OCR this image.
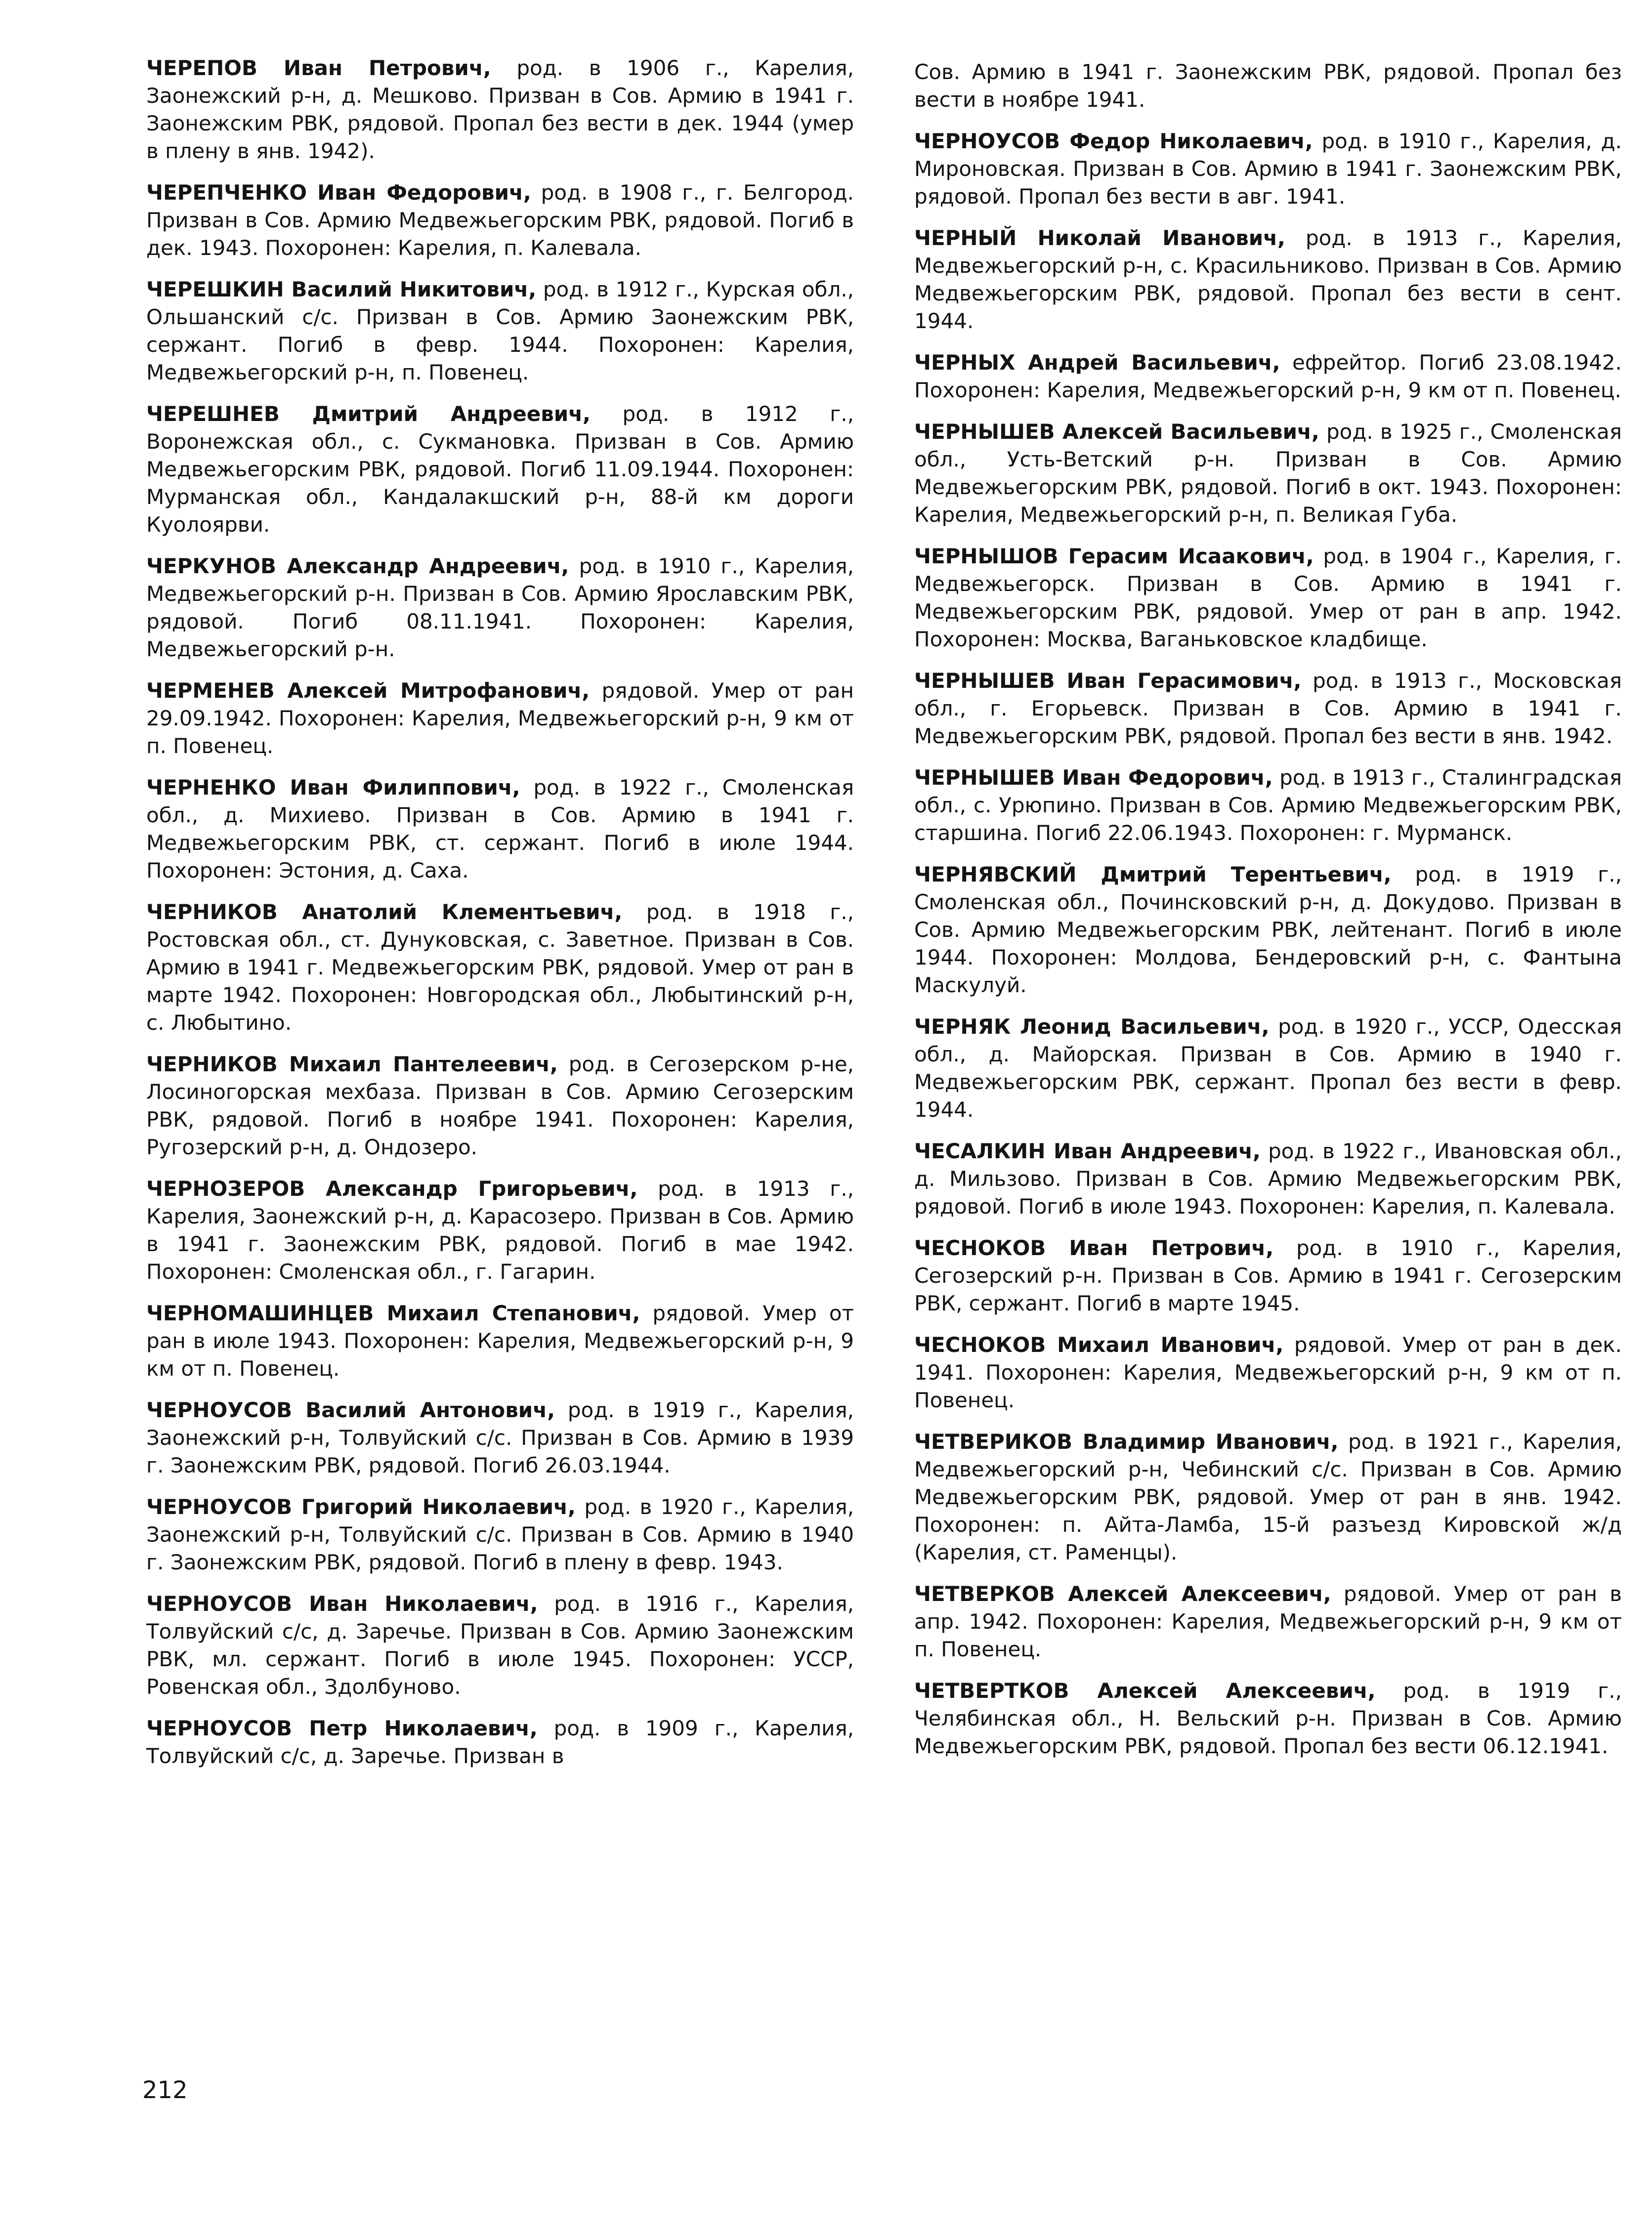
ЧЕРЕПОВ Иван Петрович, род. в 1906 г., Карелия, Заонежский р-н, д. Мешково. Призван в Сов. Армию в 1941 г. Заонежским РВК, рядовой. Пропал без вести в дек. 1944 (умер в плену в янв. 1942).

ЧЕРЕПЧЕНКО Иван Федорович, род. в 1908 г., г. Белгород. Призван в Сов. Армию Медвежьегорским РВК, рядовой. Погиб в дек. 1943. Похоронен: Карелия, п. Калевала.

ЧЕРЕШКИН Василий Никитович, род. в 1912 г., Курская обл., Ольшанский с/с. Призван в Сов. Армию Заонежским РВК, сержант. Погиб в февр. 1944. Похоронен: Карелия, Медвежьегорский р-н, п. Повенец.

ЧЕРЕШНЕВ Дмитрий Андреевич, род. в 1912 г., Воронежская обл., с. Сукмановка. Призван в Сов. Армию Медвежьегорским РВК, рядовой. Погиб 11.09.1944. Похоронен: Мурманская обл., Кандалакшский р-н, 88-й км дороги Куолоярви.

ЧЕРКУНОВ Александр Андреевич, род. в 1910 г., Карелия, Медвежьегорский р-н. Призван в Сов. Армию Ярославским РВК, рядовой. Погиб 08.11.1941. Похоронен: Карелия, Медвежьегорский р-н.

ЧЕРМЕНЕВ Алексей Митрофанович, рядовой. Умер от ран 29.09.1942. Похоронен: Карелия, Медвежьегорский р-н, 9 км от п. Повенец.

ЧЕРНЕНКО Иван Филиппович, род. в 1922 г., Смоленская обл., д. Михиево. Призван в Сов. Армию в 1941 г. Медвежьегорским РВК, ст. сержант. Погиб в июле 1944. Похоронен: Эстония, д. Саха.

ЧЕРНИКОВ Анатолий Клементьевич, род. в 1918 г., Ростовская обл., ст. Дунуковская, с. Заветное. Призван в Сов. Армию в 1941 г. Медвежьегорским РВК, рядовой. Умер от ран в марте 1942. Похоронен: Новгородская обл., Любытинский р-н, с. Любытино.

ЧЕРНИКОВ Михаил Пантелеевич, род. в Сегозерском р-не, Лосиногорская мехбаза. Призван в Сов. Армию Сегозерским РВК, рядовой. Погиб в ноябре 1941. Похоронен: Карелия, Ругозерский р-н, д. Ондозеро.

ЧЕРНОЗЕРОВ Александр Григорьевич, род. в 1913 г., Карелия, Заонежский р-н, д. Карасозеро. Призван в Сов. Армию в 1941 г. Заонежским РВК, рядовой. Погиб в мае 1942. Похоронен: Смоленская обл., г. Гагарин.

ЧЕРНОМАШИНЦЕВ Михаил Степанович, рядовой. Умер от ран в июле 1943. Похоронен: Карелия, Медвежьегорский р-н, 9 км от п. Повенец.

ЧЕРНОУСОВ Василий Антонович, род. в 1919 г., Карелия, Заонежский р-н, Толвуйский с/с. Призван в Сов. Армию в 1939 г. Заонежским РВК, рядовой. Погиб 26.03.1944.

ЧЕРНОУСОВ Григорий Николаевич, род. в 1920 г., Карелия, Заонежский р-н, Толвуйский с/с. Призван в Сов. Армию в 1940 г. Заонежским РВК, рядовой. Погиб в плену в февр. 1943.

ЧЕРНОУСОВ Иван Николаевич, род. в 1916 г., Карелия, Толвуйский с/с, д. Заречье. Призван в Сов. Армию Заонежским РВК, мл. сержант. Погиб в июле 1945. Похоронен: УССР, Ровенская обл., Здолбуново.

ЧЕРНОУСОВ Петр Николаевич, род. в 1909 г., Карелия, Толвуйский с/с, д. Заречье. Призван в

Сов. Армию в 1941 г. Заонежским РВК, рядовой. Пропал без вести в ноябре 1941.

ЧЕРНОУСОВ Федор Николаевич, род. в 1910 г., Карелия, д. Мироновская. Призван в Сов. Армию в 1941 г. Заонежским РВК, рядовой. Пропал без вести в авг. 1941.

ЧЕРНЫЙ Николай Иванович, род. в 1913 г., Карелия, Медвежьегорский р-н, с. Красильниково. Призван в Сов. Армию Медвежьегорским РВК, рядовой. Пропал без вести в сент. 1944.

ЧЕРНЫХ Андрей Васильевич, ефрейтор. Погиб 23.08.1942. Похоронен: Карелия, Медвежьегорский р-н, 9 км от п. Повенец.

ЧЕРНЫШЕВ Алексей Васильевич, род. в 1925 г., Смоленская обл., Усть-Ветский р-н. Призван в Сов. Армию Медвежьегорским РВК, рядовой. Погиб в окт. 1943. Похоронен: Карелия, Медвежьегорский р-н, п. Великая Губа.

ЧЕРНЫШОВ Герасим Исаакович, род. в 1904 г., Карелия, г. Медвежьегорск. Призван в Сов. Армию в 1941 г. Медвежьегорским РВК, рядовой. Умер от ран в апр. 1942. Похоронен: Москва, Ваганьковское кладбище.

ЧЕРНЫШЕВ Иван Герасимович, род. в 1913 г., Московская обл., г. Егорьевск. Призван в Сов. Армию в 1941 г. Медвежьегорским РВК, рядовой. Пропал без вести в янв. 1942.

ЧЕРНЫШЕВ Иван Федорович, род. в 1913 г., Сталинградская обл., с. Урюпино. Призван в Сов. Армию Медвежьегорским РВК, старшина. Погиб 22.06.1943. Похоронен: г. Мурманск.

ЧЕРНЯВСКИЙ Дмитрий Терентьевич, род. в 1919 г., Смоленская обл., Починсковский р-н, д. Докудово. Призван в Сов. Армию Медвежьегорским РВК, лейтенант. Погиб в июле 1944. Похоронен: Молдова, Бендеровский р-н, с. Фантына Маскулуй.

ЧЕРНЯК Леонид Васильевич, род. в 1920 г., УССР, Одесская обл., д. Майорская. Призван в Сов. Армию в 1940 г. Медвежьегорским РВК, сержант. Пропал без вести в февр. 1944.

ЧЕСАЛКИН Иван Андреевич, род. в 1922 г., Ивановская обл., д. Мильзово. Призван в Сов. Армию Медвежьегорским РВК, рядовой. Погиб в июле 1943. Похоронен: Карелия, п. Калевала.

ЧЕСНОКОВ Иван Петрович, род. в 1910 г., Карелия, Сегозерский р-н. Призван в Сов. Армию в 1941 г. Сегозерским РВК, сержант. Погиб в марте 1945.

ЧЕСНОКОВ Михаил Иванович, рядовой. Умер от ран в дек. 1941. Похоронен: Карелия, Медвежьегорский р-н, 9 км от п. Повенец.

ЧЕТВЕРИКОВ Владимир Иванович, род. в 1921 г., Карелия, Медвежьегорский р-н, Чебинский с/с. Призван в Сов. Армию Медвежьегорским РВК, рядовой. Умер от ран в янв. 1942. Похоронен: п. Айта-Ламба, 15-й разъезд Кировской ж/д (Карелия, ст. Раменцы).

ЧЕТВЕРКОВ Алексей Алексеевич, рядовой. Умер от ран в апр. 1942. Похоронен: Карелия, Медвежьегорский р-н, 9 км от п. Повенец.

ЧЕТВЕРТКОВ Алексей Алексеевич, род. в 1919 г., Челябинская обл., Н. Вельский р-н. Призван в Сов. Армию Медвежьегорским РВК, рядовой. Пропал без вести 06.12.1941.

212
